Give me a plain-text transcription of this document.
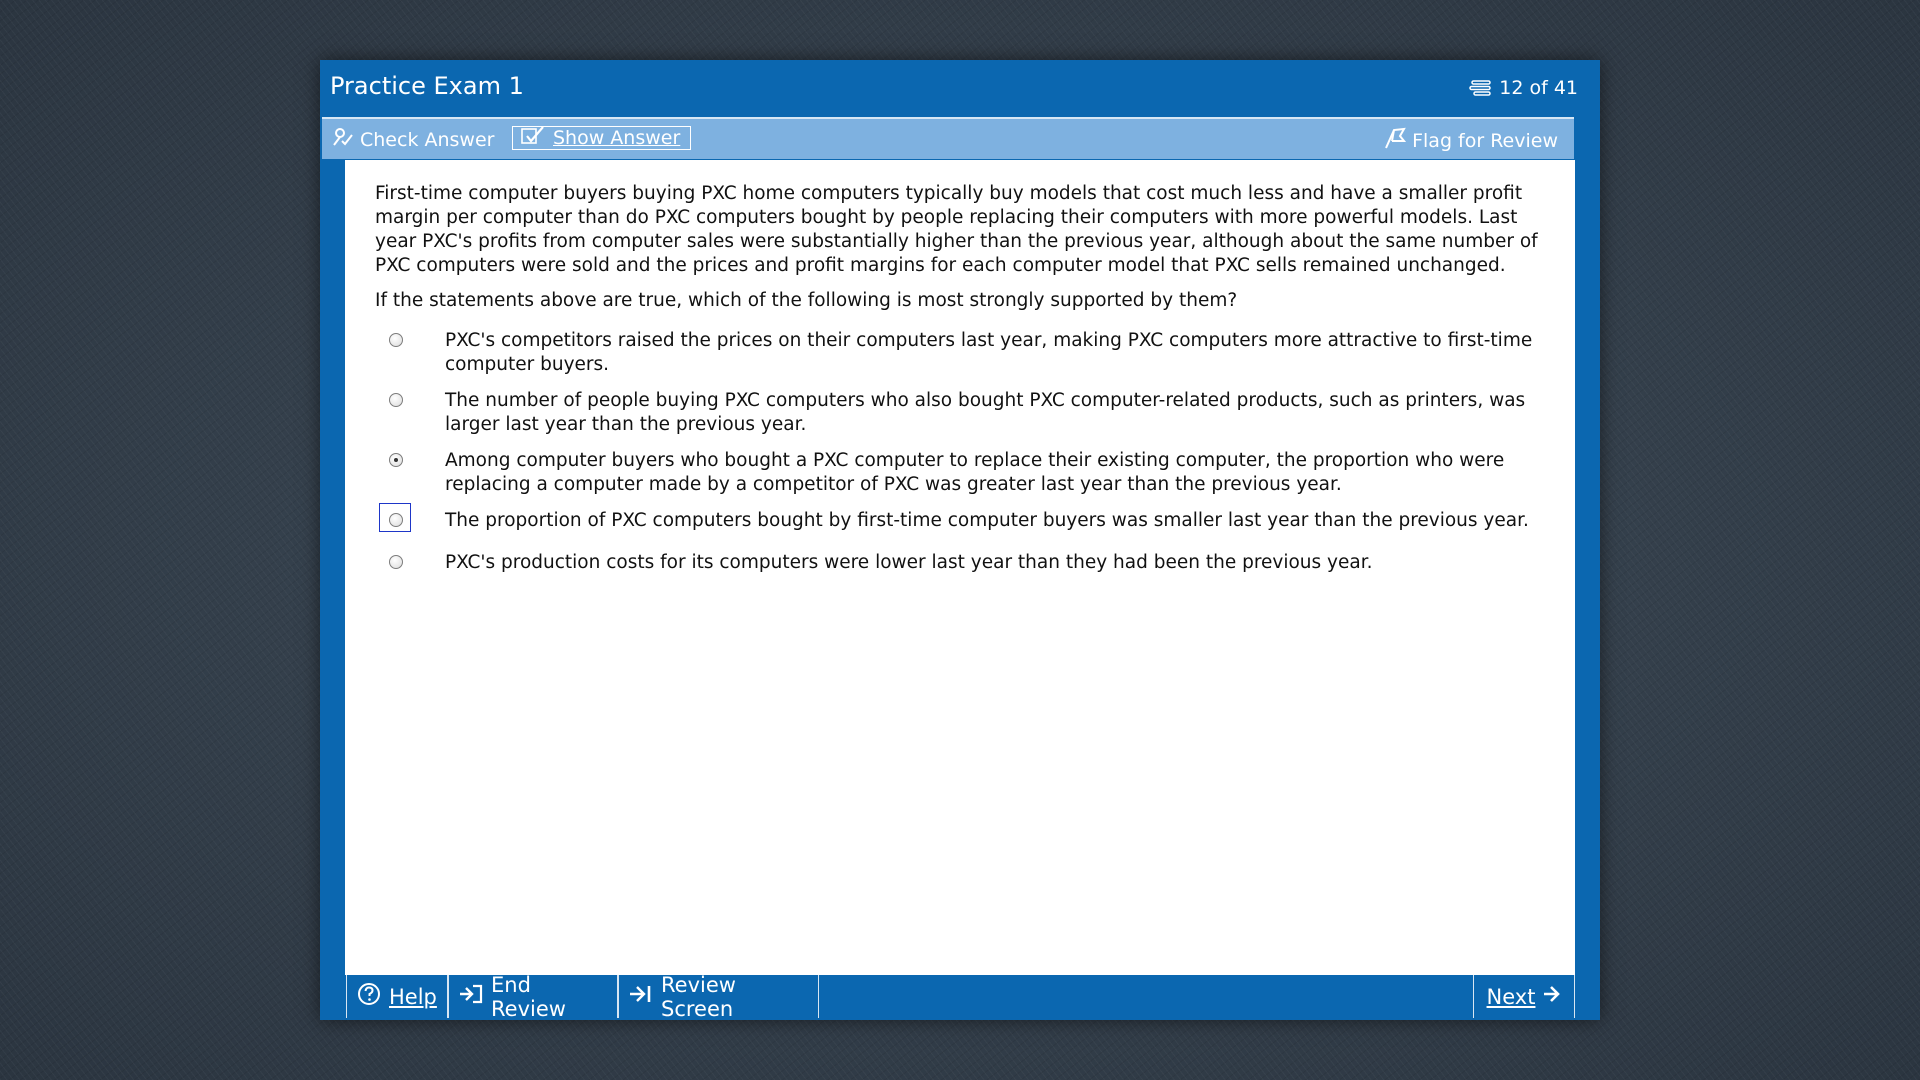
Practice Exam 1	12 of 41
Check Answer	Show Answer	Flag for Review

First-time computer buyers buying PXC home computers typically buy models that cost much less and have a smaller profit margin per computer than do PXC computers bought by people replacing their computers with more powerful models. Last year PXC's profits from computer sales were substantially higher than the previous year, although about the same number of PXC computers were sold and the prices and profit margins for each computer model that PXC sells remained unchanged.

If the statements above are true, which of the following is most strongly supported by them?

PXC's competitors raised the prices on their computers last year, making PXC computers more attractive to first-time computer buyers.
The number of people buying PXC computers who also bought PXC computer-related products, such as printers, was larger last year than the previous year.
Among computer buyers who bought a PXC computer to replace their existing computer, the proportion who were replacing a computer made by a competitor of PXC was greater last year than the previous year.
The proportion of PXC computers bought by first-time computer buyers was smaller last year than the previous year.
PXC's production costs for its computers were lower last year than they had been the previous year.
Help	End Review
Review Screen	Next
